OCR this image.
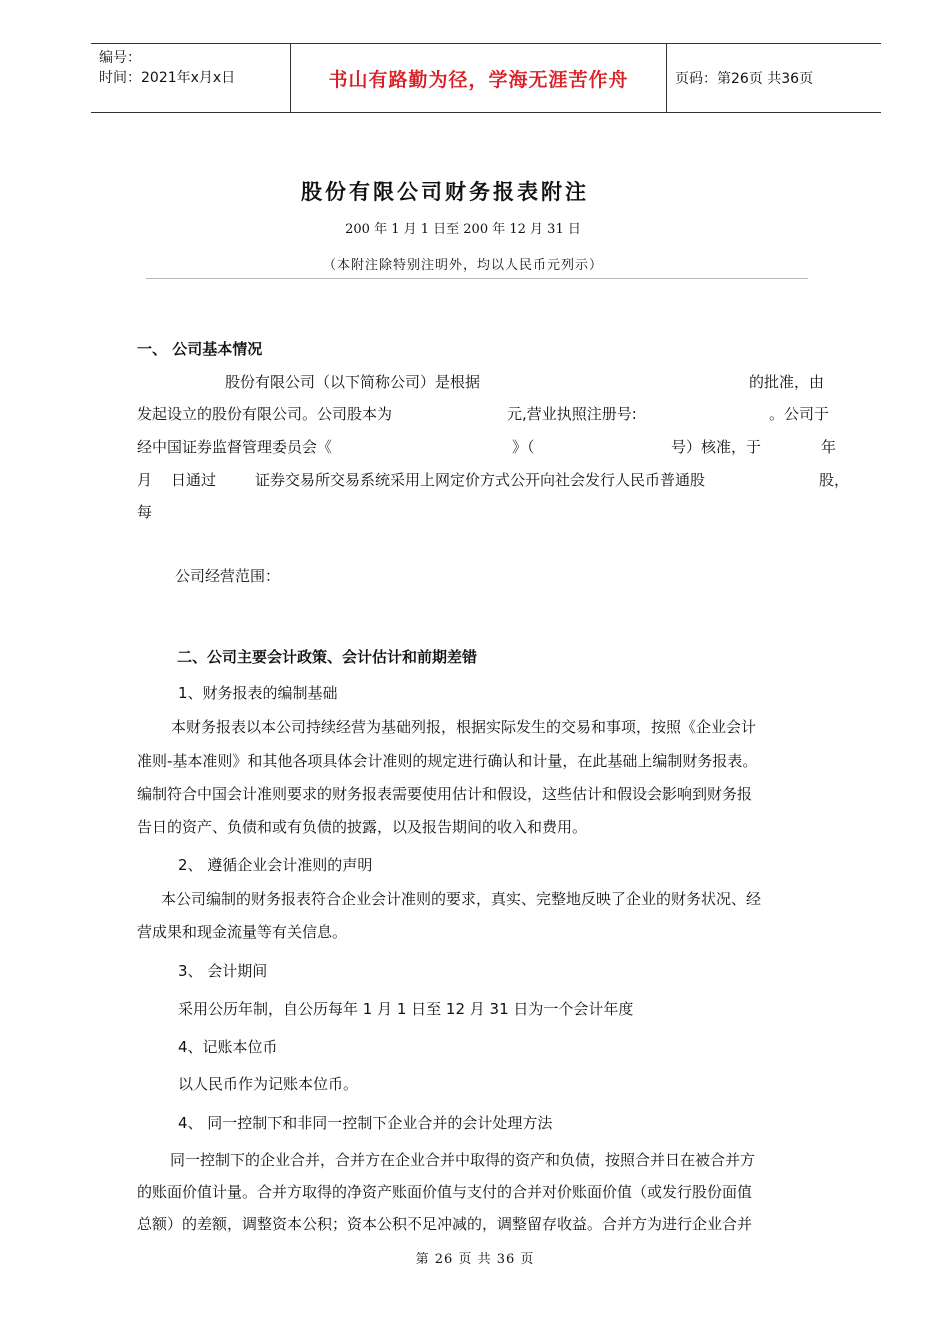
编号：
时间：2021年x月x日	书山有路勤为径，学海无涯苦作舟	页码：第26页 共36页
股份有限公司财务报表附注
200 年 1 月 1 日至 200 年 12 月 31 日
（本附注除特别注明外，均以人民币元列示）
一、 公司基本情况
股份有限公司（以下简称公司）是根据	的批准，由
发起设立的股份有限公司。公司股本为	元,营业执照注册号:	。公司于
经中国证券监督管理委员会《	》（	号）核准，于	年
月 日通过	证券交易所交易系统采用上网定价方式公开向社会发行人民币普通股	股，
每
公司经营范围：
二、公司主要会计政策、会计估计和前期差错
1、财务报表的编制基础
本财务报表以本公司持续经营为基础列报，根据实际发生的交易和事项，按照《企业会计
准则-基本准则》和其他各项具体会计准则的规定进行确认和计量，在此基础上编制财务报表。
编制符合中国会计准则要求的财务报表需要使用估计和假设，这些估计和假设会影响到财务报
告日的资产、负债和或有负债的披露，以及报告期间的收入和费用。
2、 遵循企业会计准则的声明
本公司编制的财务报表符合企业会计准则的要求，真实、完整地反映了企业的财务状况、经
营成果和现金流量等有关信息。
3、 会计期间
采用公历年制，自公历每年 1 月 1 日至 12 月 31 日为一个会计年度
4、记账本位币
以人民币作为记账本位币。
4、 同一控制下和非同一控制下企业合并的会计处理方法
同一控制下的企业合并，合并方在企业合并中取得的资产和负债，按照合并日在被合并方
的账面价值计量。合并方取得的净资产账面价值与支付的合并对价账面价值（或发行股份面值
总额）的差额，调整资本公积；资本公积不足冲减的，调整留存收益。合并方为进行企业合并
第 26 页 共 36 页
